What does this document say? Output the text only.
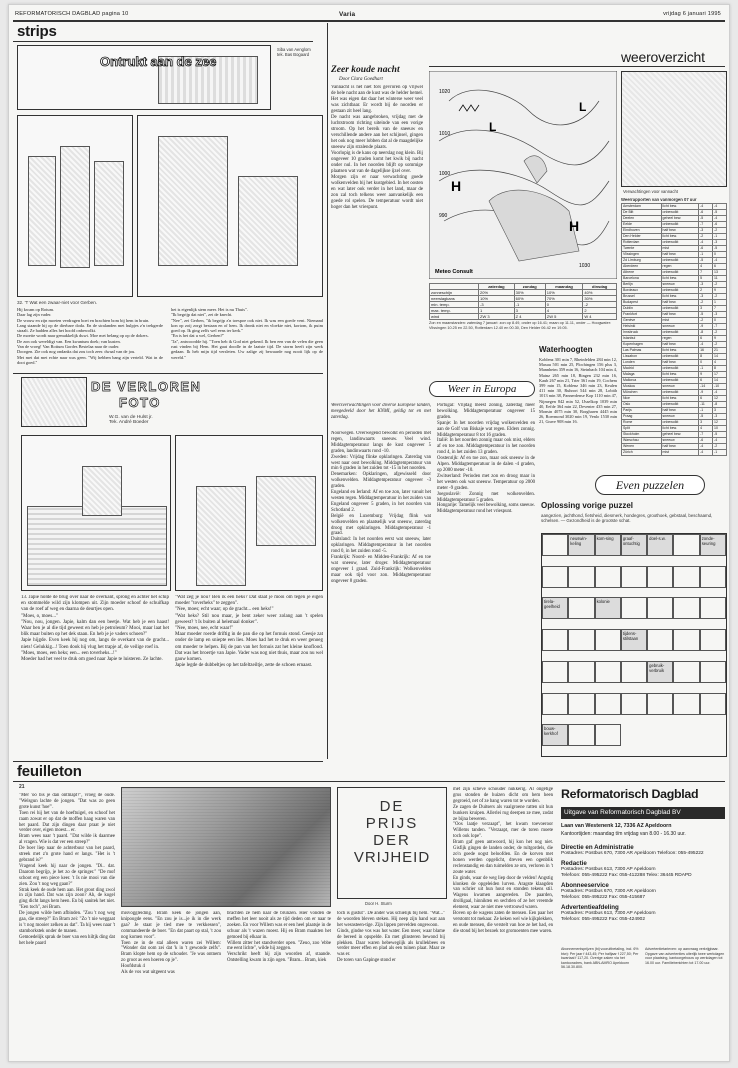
REFORMATORISCH DAGBLAD pagina 10	Varia	vrijdag 6 januari 1995
strips
Ontrukt aan de zee
Siba van Aenglom
tek. Bas Bogaard
32. 'T Wat een zwaar-niet voor Gerben.
Hij kwam op Rotum.
Daar lag zijn vader.
De vrouw en zijn moeten verdragen boei en brachten bom bij hem in bruin.
Lang staande hij op de dierbare doda. En de stralanden met hulpjes z'n trekgerde straalt. Ze hadden alles het hoofd onbewolkt.
De moeite wordt naar gemakkelijk duwt. Moe met belang op op de dokers.
De zon ook wereldigt van. Een kwantum doek; van kusten.
Van de vroeg! Van Rottum Gordes Bestelaa naar de ouder.
Doorgen. Zie ook nog ondanks dat zou toch zeer. dwaal van de jou.
Met met dat met echte naar was geen. "Wij hebben bang zijn verteld. Wat in de doot goed."
het is eigenlijk stem meer. Het is nu Thuis".
"Ik begrijp dat niet", zei de knecht.
"Nee", zei Gerben, "ik begrijp z'n toespoe ook niet. Ik was een goede vent. Niemand kon op zoij zorgt bestaan en of hem. Ik dronk niet en vloekte niet, kortom, ik puim goed op. Ik ging zelfs wel eens ter kerk."
"En is het dat u wel, Gerben?"
"Ja", antwoordde hij. "Toen heb ik God niet gekend. Ik ben een van de velen die geen rust vinden bij Hem. Het gaat doodle in de laatste tijd. De storm heeft zijn werk gedaan. Ik heb mijn tijd versleten. Uw zalige zij bewaarde nog nooit lijk op de wereld."
DE VERLOREN
FOTO
W.G. van de Hulst jr.
Tek. André Boeder
13. Japie holde de brug over naar de overkant, sprong en achter het schip en stommelde wild zijn klompen uit. Zijn moeder schoof de schuifkap van de roef af weg en daarna de deurtjes open.
"Moes, o, moes..."
"Nou, nou, jongen. Japie, kalm dan een beetje. Wat heb je een haast! Waar ben je al die tijd geweest en heb je petroleum? Mooi, maar laat het blik maar buiten op het dek staan. En heb je je vaders schoen?"
Japie hijgde. Even keek hij nog om, langs de overkant van de gracht... niets! Gelukkig...! Toen dook hij vlug het trapje af, de veilige roef in.
"Moes, moes, een heks; een... een toverheks...!"
Moeder had het veel te druk om goed naar Japie te luisteren. Ze lachte.
"Wat zeg je nou? Ben ik een heks? Dat staat je mooi om tegen je eigen moeder "toverheks" te zeggen".
"Nee, moes; echt waar; op de gracht... een heks!"
"Wat heks? Stil nou maar, je bent zeker weer zolang aan 't spelen geweest? 't Is buiten al helemaal donker".
"Nee, moes, nee, echt waar!"
Maar moeder roerde driftig in de pan die op het fornuis stond. Geesje zat onder de lamp en sniepte een lies. Moes had het te druk en weer genoeg om moeder te helpen. Bij de pan van het fornuis zat het kleine knoflood. Dat was het broertje van Japie. Vader was nog niet thuis, maar zou nu wel gauw komen.
Japie legde de dubbeltjes op het tafeltzeiltje, zette de schoen ernaast.
feuilleton
21
"Mer 'oo bis je dan ontmapt?", vroeg de oude. "Welsgun lachte de jongen. "Dat was zo geen grote kunst 'hoe'".
Toen rei hij het van de hoeftuigel, en schoof het raam zowat er op dat de moffen haag waren van het paard. Dat zijn dingen daar praat je niet verder over, eigen moest... er.
Bram wees naar 't paard. "Dat wilde ik daarmee al vragen. Wie is dat ver een streep?"
De boer liep naar de achterbuur van het paard, streek met z'n grote hand er langs. "Het is 't gebrand is?"
Vragend keek hij naar de jongen. "Di.. dat. Daarom begrijp, je het zo de springer." "De mof schoot erg een piece keer. 't Is nie mooi van die zien. Zou 't nog weg gaan?"
Strak keek de oude hem aan. Het groot ding zwol in zijn hand. Dat was zijn zoon? Ah, de kogel ging dicht langs hem heen. En bij sanitek het niet. "Een toch", zei Bram.
De jongen wilde hem afbinden. "Zou 't nog weg gaa, die streep?" En Bram zei: "Zo 't nie weggaat is 't nog mooier zelken as dat". Ta hij wees naar 't stamborkstek onder de manen.
Gemoedelijk sprak de boer van een hiltjk ding dat het hele paard
misvoggleiding. Bram keek de jongen aan, knipoogde eens. "En zou je is...je ik in die werk gaa? Je staat je tied mee te verkkessen", commandeerde de boer. "En dat paart op stal, 't zou nog komen voor".
Toen ze in de stal alleen waren zei Willem: "Wonder dat oom zei dat 'k in 't gewonde zelfs". Bram klopte hem op de schouder. "Je was ontnem zo groot as een hoeren op je".
Hoofdstuk 4
Als de vos wat uitgeent was
brachten ze hem naar de brunzen. Hier vonden de meffen het leer nooit als ze tijd deden om er naar te zoeken. En voor Willem was er een heel plaatsje in de schuur als 't wazen moest. Hij en Bram maakten het gemoed bij elkaar in.
Willem zitter het standverder open. "Zeuo, zoo 'ebbe me eent lichte", wilde hij zeggen.
Verschrikt heeft hij zijn woorden af, staande. Ontstelling kwam in zijn ogen. "Bram... Bram, kiek
DE
PRIJS
DER
VRIJHEID
Door H. Sturm
toch is gustut". De ander was schielijk bij hem. "Wat..." de woorden bleven steken. Hij neep zijn hand wat aan het wesnsteen-tige. Zijn lippen prevelden ongewoon.
Ginds, gindse vos was hot water. Een meer, waar blame de bereed in opspelde. En met glinsteren bewond bij plekken. Daar waren hebewegiijk als krullekbees en verder meer effen en plad als een tuinen plaat. Maar ze was er.
De toren van Gapinge stond er
met zijn scheve schouder nukkerig. Al ongetige grus stonden de huizen dicht om hem heen gegroeid, net of ze bang waren tot te worden.
Ze zagen de Duitsers als vaalgroene ratten uit hun bunkers kruipen. Allerlei rug deerpen ze mee, zodat ze bijna beweren.
"Oos laatje verzaapt", het kwam toevoeroor Willems tanden. "Verzaapt, mer de toren moete toch ook lope".
Bram gaf geen antwoord, hij kon het nog niet. Gisfijk gingen de landen onder, de rultgordels, die zo'n goede oogst beloofden. En de korven met honen werden opgelicht, dreven een ogenblik reclenstandig en dan tuimelden ze om, verloren in 't zoute water.
En ginds, waar de weg liep door de velden! Angstig klonken de opgeleiden lurven. Aragste klaagden van schrier uit hun hout en stonden tekens stil. Wagens kwamen aangereden. De paarden, drolligaal, hinnikten en sechtlen of ze het vreemde element, waar ze niet mee vertrouwd waren.
Boven op de wagens zaten de mensen. Een paar het verstomt tot mekaar. Ze keken wel wie kijkplekken, en oude mensen, die verstelt van hoe ze het had, en die stond bij het bezoek tot gromoenten mee waren.
Reformatorisch Dagblad
Uitgave van Reformatorisch Dagblad BV
Laan van Westenenk 12, 7336 AZ Apeldoorn
Kantoortijden: maandag t/m vrijdag van 8.00 - 16.30 uur.
Directie en Administratie
Postadres: Postbus 670, 7300 AR Apeldoorn Telefoon: 055-495222
Redactie
Postadres: Postbus 613, 7300 AP Apeldoorn
Telefoon: 055-495222 Fax: 055-412288 Telex: 36445 RDAPD
Abonneeservice
Postadres: Postbus 670, 7300 AR Apeldoorn
Telefoon: 055-495222 Fax: 055-415687
Advertentieafdeling
Postadres: Postbus 613, 7300 AP Apeldoorn
Telefoon: 055-495222 Fax: 055-424902
Abonnementsprijzen (bij vooruitbetaling, incl. 6% btw): Per jaar f 443,45; Per halfjaar f 227,50; Per kwartaal f 117,20. Overige zaken via het kantooradres, bank ABN-AMRO Apeldoorn 56.18.30.800.
Advertentietarieven: op aanvraag verkrijgbaar. Opgave van advertenties uiterlijk twee werkdagen voor plaatsing, kantoorgebouw op werkdagen tot 16.00 uur. Familieberichten tot 17.00 uur.
Zeer koude nacht
Door Clara Goedhart
Vannacht is het niet fors gevroren op vrijwel de hele nacht aan de kust was de helder hemel. Het was eigen dat daar het winterse weer veel was zichtbaar. Er wordt bij de noorden er gestaan zit heel lang.
De nacht was aangebroken, vrijdag met de luchtstroom richting uiteinde van een vorige stroom. Op het bereik van de sneeuw en verschillende andere aan het schijnsel, gingen het ook nog meer lobben dat al de maagdelijke sneeuw zijn stralende plaats.
Voorlopig is de kans op neerslag nog klein. Bij ongeveer 10 graden komt het kwik bij nacht onder nul. In het noorden blijft op sommige plaatsen wat van de dagelijkse ijzel over.
Morgen zijn er naar verwachting goede wolkenvelden bij het kustgebied. In het oosten en wat later ook verder in het land, maar de zon zal toch telkens weer aanvankelijk een goede rol spelen. De temperatuur wordt niet hoger dan het vriespunt.
weeroverzicht
H
L
L
H
1020
1010
1000
990
1030
Meteo Consult
Verwachtingen voor vannacht
Weerrapporten van vanmorgen 07 uur
Amsterdam	licht bew.	-4	-4
De Bilt	onbewolkt	-6	-5
Deelen	geheel bew.	-5	-4
Eelde	onbewolkt	-7	-6
Eindhoven	half bew.	-3	-2
Den Helder	licht bew.	-2	-1
Rotterdam	onbewolkt	-4	-3
Twente	mist	-6	-5
Vlissingen	half bew.	-1	0
Zd Limburg	onbewolkt	-5	-4
Aberdeen	regen	4	6
Athene	onbewolkt	7	13
Barcelona	licht bew.	5	11
Berlijn	sneeuw	-3	-2
Bordeaux	onbewolkt	2	9
Brussel	licht bew.	-3	-2
Budapest	half bew.	-2	1
Dublin	onbewolkt	3	7
Frankfort	half bew.	-5	-3
Genève	mist	-2	0
Helsinki	sneeuw	-9	-7
Innsbruck	onbewolkt	-8	-2
Istanbul	regen	6	9
Kopenhagen	half bew.	-4	-2
Las Palmas	licht bew.	16	21
Lissabon	onbewolkt	8	14
Londen	half bew.	0	4
Madrid	onbewolkt	-1	8
Malaga	licht bew.	9	17
Mallorca	onbewolkt	6	14
Moskou	sneeuw	-14	-10
München	onbewolkt	-9	-4
Nice	licht bew.	6	12
Oslo	onbewolkt	-11	-8
Parijs	half bew.	-1	3
Praag	sneeuw	-5	-3
Rome	onbewolkt	3	12
Split	licht bew.	4	10
Stockholm	geheel bew.	-7	-5
Warschau	sneeuw	-6	-4
Wenen	half bew.	-4	-2
Zürich	mist	-4	-1
	zaterdag	zondag	maandag	dinsdag
zonneschijn	20%	30%	10%	40%
neerslagkans	10%	60%	70%	30%
min. temp.	-3	-1	0	-2
max. temp.	1	3	4	2
wind	ZW 3	Z 4	ZW 5	W 4
Zon en maanstanden: zaterdag 7 januari: zon op 8.49, onder op 16.41; maan op 11.11, onder — Hoogwater: Vlissingen 10.25 en 22.50, Rotterdam 12.40 en 00.30, Den Helder 06.42 en 19.05.
Waterhoogten
Koblenz 301 min 7, Rheinfelden 284 min 12, Maxau 501 min 25, Plochingen 156 plus 3, Mannheim 359 min 16, Steinbach 104 min 4, Mainz 265 min 18, Bingen 232 min 16, Kaub 267 min 21, Trier 361 min 19, Cochem 399 min 15, Koblenz 346 min 23, Keulen 411 min 30, Ruhrort 544 min 28, Lobith 1013 min 38, Pannerdense Kop 1110 min 47, Nijmegen 842 min 52, IJsselkop 1039 min 40, Eefde 364 min 22, Deventer 435 min 27, Monsin 4075 min 30, Borgharen 4445 min 26, Roermond 3020 min 19, Venlo 1530 min 21, Grave 908 min 16.
Weer in Europa
Weersverwachtingen voor diverse Europese landen, meegedeeld door het KNMI, geldig tot en met zaterdag.
Noorwegen. Overwegend bewolkt en perioden met regen, landinwaarts sneeuw. Veel wind. Middagtemperatuur langs de kust ongeveer 5 graden, landinwaarts rond -10.
Zweden: Vrijdag flinke opklaringen. Zaterdag van west naar oost bewolking. Middagtemperatuur van min 6 graden in het zuiden tot -15 in het noorden.
Denemarken: Opklaringen, afgewisseld door wolkenvelden. Middagtemperatuur ongeveer -3 graden.
Engeland en Ierland: Af en toe zon, later vanuit het westen regen. Middagtemperatuur in het zuiden van Engeland ongeveer 5 graden, in het noorden van Schotland 2.
België en Luxemburg: Vrijdag flink wat wolkenvelden en plaatselijk wat sneeuw, zaterdag droog met opklaringen. Middagtemperatuur -1 graad.
Duitsland: In het noorden eerst wat sneeuw, later opklaringen. Middagtemperatuur in het noorden rond 0, in het zuiden rond -5.
Frankrijk: Noord- en Midden-Frankrijk: Af en toe wat sneeuw, later droger. Middagtemperatuur ongeveer 1 graad. Zuid-Frankrijk: Wolkenvelden maar ook tijd voor zon. Middagtemperatuur ongeveer 8 graden.
Portugal: Vrijdag meest zonnig, zaterdag meer bewolking. Middagtemperatuur ongeveer 15 graden.
Spanje: In het noorden vrijdag wolkenvelden en aan de Golf van Biskaje wat regen. Elders zonnig. Middagtemperatuur 8 tot 16 graden.
Italië: In het noorden zonnig maar ook mist, elders af en toe zon. Middagtemperatuur in het noorden rond 4, in het zuiden 13 graden.
Oostenrijk: Af en toe zon, maar ook sneeuw in de Alpen. Middagtemperatuur in de dalen -4 graden, op 2000 meter -10.
Zwitserland: Perioden met zon en droog maar in het westen ook wat sneeuw. Temperatuur op 2000 meter -9 graden.
Joegoslavië: Zonnig met wolkenvelden. Middagtemperatuur 5 graden.
Hongarije: Tamelijk veel bewolking, soms sneeuw. Middagtemperatuur rond het vriespunt.
Even puzzelen
Oplossing vorige puzzel
aangezien, jachthond, fietsheid, diesmerk, hondegres, groothoek, gebstaal, beschaamd, schelsen. — Gezondheid is de grootste schat.
neuswin-keling
kom-sing	graaf-ontuchtig
doel-s.w.	zonde-seuring
tirela-geelheid
kolonie
tijdens-stilstaan
gebruik-verbruik
bouw-kerkhof
